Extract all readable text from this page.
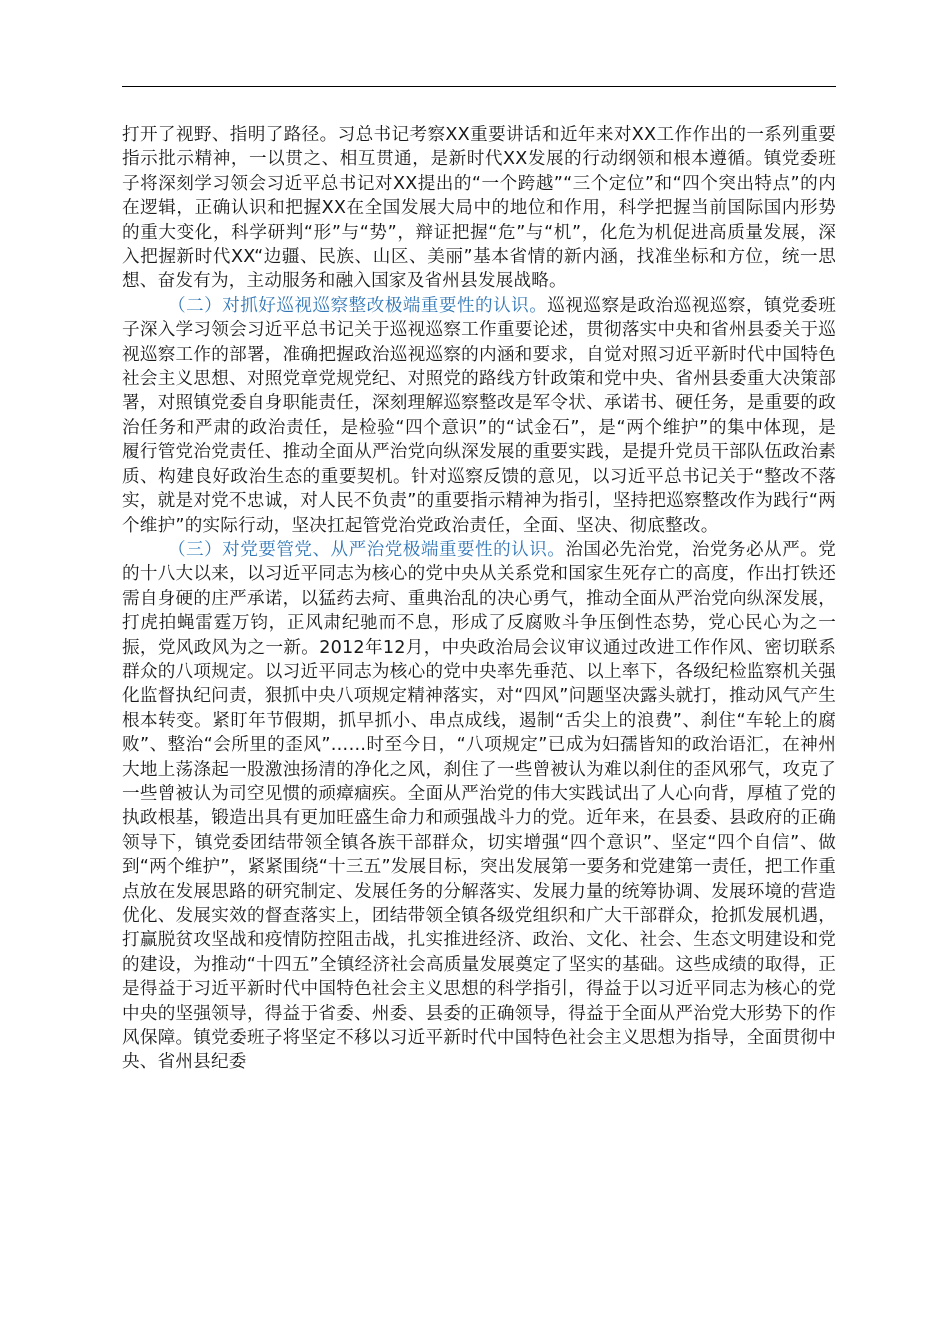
打开了视野、指明了路径。习总书记考察XX重要讲话和近年来对XX工作作出的一系列重要指示批示精神，一以贯之、相互贯通，是新时代XX发展的行动纲领和根本遵循。镇党委班子将深刻学习领会习近平总书记对XX提出的“一个跨越”“三个定位”和“四个突出特点”的内在逻辑，正确认识和把握XX在全国发展大局中的地位和作用，科学把握当前国际国内形势的重大变化，科学研判“形”与“势”，辩证把握“危”与“机”，化危为机促进高质量发展，深入把握新时代XX“边疆、民族、山区、美丽”基本省情的新内涵，找准坐标和方位，统一思想、奋发有为，主动服务和融入国家及省州县发展战略。

（二）对抓好巡视巡察整改极端重要性的认识。巡视巡察是政治巡视巡察，镇党委班子深入学习领会习近平总书记关于巡视巡察工作重要论述，贯彻落实中央和省州县委关于巡视巡察工作的部署，准确把握政治巡视巡察的内涵和要求，自觉对照习近平新时代中国特色社会主义思想、对照党章党规党纪、对照党的路线方针政策和党中央、省州县委重大决策部署，对照镇党委自身职能责任，深刻理解巡察整改是军令状、承诺书、硬任务，是重要的政治任务和严肃的政治责任，是检验“四个意识”的“试金石”，是“两个维护”的集中体现，是履行管党治党责任、推动全面从严治党向纵深发展的重要实践，是提升党员干部队伍政治素质、构建良好政治生态的重要契机。针对巡察反馈的意见，以习近平总书记关于“整改不落实，就是对党不忠诚，对人民不负责”的重要指示精神为指引，坚持把巡察整改作为践行“两个维护”的实际行动，坚决扛起管党治党政治责任，全面、坚决、彻底整改。

（三）对党要管党、从严治党极端重要性的认识。治国必先治党，治党务必从严。党的十八大以来，以习近平同志为核心的党中央从关系党和国家生死存亡的高度，作出打铁还需自身硬的庄严承诺，以猛药去疴、重典治乱的决心勇气，推动全面从严治党向纵深发展，打虎拍蝇雷霆万钧，正风肃纪驰而不息，形成了反腐败斗争压倒性态势，党心民心为之一振，党风政风为之一新。2012年12月，中央政治局会议审议通过改进工作作风、密切联系群众的八项规定。以习近平同志为核心的党中央率先垂范、以上率下，各级纪检监察机关强化监督执纪问责，狠抓中央八项规定精神落实，对“四风”问题坚决露头就打，推动风气产生根本转变。紧盯年节假期，抓早抓小、串点成线，遏制“舌尖上的浪费”、刹住“车轮上的腐败”、整治“会所里的歪风”……时至今日，“八项规定”已成为妇孺皆知的政治语汇，在神州大地上荡涤起一股激浊扬清的净化之风，刹住了一些曾被认为难以刹住的歪风邪气，攻克了一些曾被认为司空见惯的顽瘴痼疾。全面从严治党的伟大实践试出了人心向背，厚植了党的执政根基，锻造出具有更加旺盛生命力和顽强战斗力的党。近年来，在县委、县政府的正确领导下，镇党委团结带领全镇各族干部群众，切实增强“四个意识”、坚定“四个自信”、做到“两个维护”，紧紧围绕“十三五”发展目标，突出发展第一要务和党建第一责任，把工作重点放在发展思路的研究制定、发展任务的分解落实、发展力量的统筹协调、发展环境的营造优化、发展实效的督查落实上，团结带领全镇各级党组织和广大干部群众，抢抓发展机遇，打赢脱贫攻坚战和疫情防控阻击战，扎实推进经济、政治、文化、社会、生态文明建设和党的建设，为推动“十四五”全镇经济社会高质量发展奠定了坚实的基础。这些成绩的取得，正是得益于习近平新时代中国特色社会主义思想的科学指引，得益于以习近平同志为核心的党中央的坚强领导，得益于省委、州委、县委的正确领导，得益于全面从严治党大形势下的作风保障。镇党委班子将坚定不移以习近平新时代中国特色社会主义思想为指导，全面贯彻中央、省州县纪委
